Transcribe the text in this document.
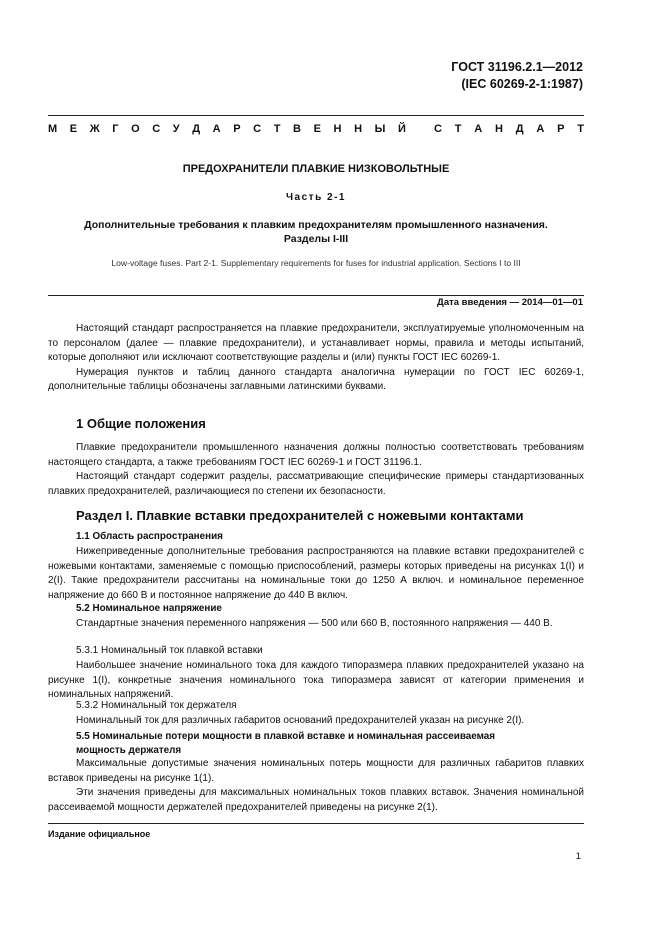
ГОСТ 31196.2.1—2012
(IEC 60269-2-1:1987)
М Е Ж Г О С У Д А Р С Т В Е Н Н Ы Й	С Т А Н Д А Р Т
ПРЕДОХРАНИТЕЛИ ПЛАВКИЕ НИЗКОВОЛЬТНЫЕ
Часть 2-1
Дополнительные требования к плавким предохранителям промышленного назначения.
Разделы I-III
Low-voltage fuses. Part 2-1. Supplementary requirements for fuses for industrial application. Sections I to III
Дата введения — 2014—01—01

Настоящий стандарт распространяется на плавкие предохранители, эксплуатируемые уполномоченным на то персоналом (далее — плавкие предохранители), и устанавливает нормы, правила и методы испытаний, которые дополняют или исключают соответствующие разделы и (или) пункты ГОСТ IEC 60269-1.

Нумерация пунктов и таблиц данного стандарта аналогична нумерации по ГОСТ IEC 60269-1, дополнительные таблицы обозначены заглавными латинскими буквами.

1 Общие положения

Плавкие предохранители промышленного назначения должны полностью соответствовать требованиям настоящего стандарта, а также требованиям ГОСТ IEC 60269-1 и ГОСТ 31196.1.

Настоящий стандарт содержит разделы, рассматривающие специфические примеры стандартизованных плавких предохранителей, различающиеся по степени их безопасности.

Раздел I. Плавкие вставки предохранителей с ножевыми контактами
1.1 Область распространения

Нижеприведенные дополнительные требования распространяются на плавкие вставки предохранителей с ножевыми контактами, заменяемые с помощью приспособлений, размеры которых приведены на рисунках 1(I) и 2(I). Такие предохранители рассчитаны на номинальные токи до 1250 А включ. и номинальное переменное напряжение до 660 В и постоянное напряжение до 440 В включ.

5.2 Номинальное напряжение

Стандартные значения переменного напряжения — 500 или 660 В, постоянного напряжения — 440 В.

5.3.1 Номинальный ток плавкой вставки

Наибольшее значение номинального тока для каждого типоразмера плавких предохранителей указано на рисунке 1(I), конкретные значения номинального тока типоразмера зависят от категории применения и номинальных напряжений.

5.3.2 Номинальный ток держателя

Номинальный ток для различных габаритов оснований предохранителей указан на рисунке 2(I).

5.5 Номинальные потери мощности в плавкой вставке и номинальная рассеиваемая
мощность держателя

Максимальные допустимые значения номинальных потерь мощности для различных габаритов плавких вставок приведены на рисунке 1(1).

Эти значения приведены для максимальных номинальных токов плавких вставок. Значения номинальной рассеиваемой мощности держателей предохранителей приведены на рисунке 2(1).

Издание официальное
1
